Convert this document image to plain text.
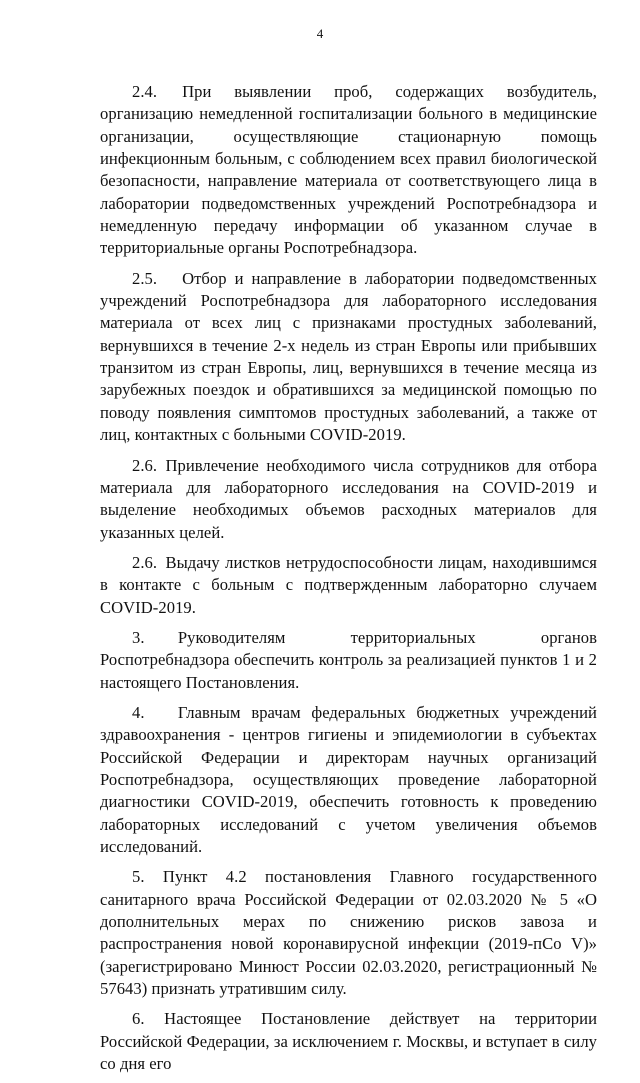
4

2.4.   При выявлении проб, содержащих возбудитель, организацию немедленной госпитализации больного в медицинские организации, осуществляющие стационарную помощь инфекционным больным, с соблюдением всех правил биологической безопасности, направление материала от соответствующего лица в лаборатории подведомственных учреждений Роспотребнадзора и немедленную передачу информации об указанном случае в территориальные органы Роспотребнадзора.

2.5.   Отбор и направление в лаборатории подведомственных учреждений Роспотребнадзора для лабораторного исследования материала от всех лиц с признаками простудных заболеваний, вернувшихся в течение 2-х недель из стран Европы или прибывших транзитом из стран Европы, лиц, вернувшихся в течение месяца из зарубежных поездок и обратившихся за медицинской помощью по поводу появления симптомов простудных заболеваний, а также от лиц, контактных с больными COVID-2019.

2.6.  Привлечение необходимого числа сотрудников для отбора материала для лабораторного исследования на COVID-2019 и выделение необходимых объемов расходных материалов для указанных целей.

2.6.  Выдачу листков нетрудоспособности лицам, находившимся в контакте с больным с подтвержденным лабораторно случаем COVID-2019.

3.   Руководителям территориальных органов Роспотребнадзора обеспечить контроль за реализацией пунктов 1 и 2 настоящего Постановления.

4.   Главным врачам федеральных бюджетных учреждений здравоохранения - центров гигиены и эпидемиологии в субъектах Российской Федерации и директорам научных организаций Роспотребнадзора, осуществляющих проведение лабораторной диагностики COVID-2019, обеспечить готовность к проведению лабораторных исследований с учетом увеличения объемов исследований.

5. Пункт 4.2 постановления Главного государственного санитарного врача Российской Федерации от 02.03.2020 № 5 «О дополнительных мерах по снижению рисков завоза и распространения новой коронавирусной инфекции (2019-пСо V)» (зарегистрировано Минюст России 02.03.2020, регистрационный № 57643) признать утратившим силу.

6. Настоящее Постановление действует на территории Российской Федерации, за исключением г. Москвы, и вступает в силу со дня его
